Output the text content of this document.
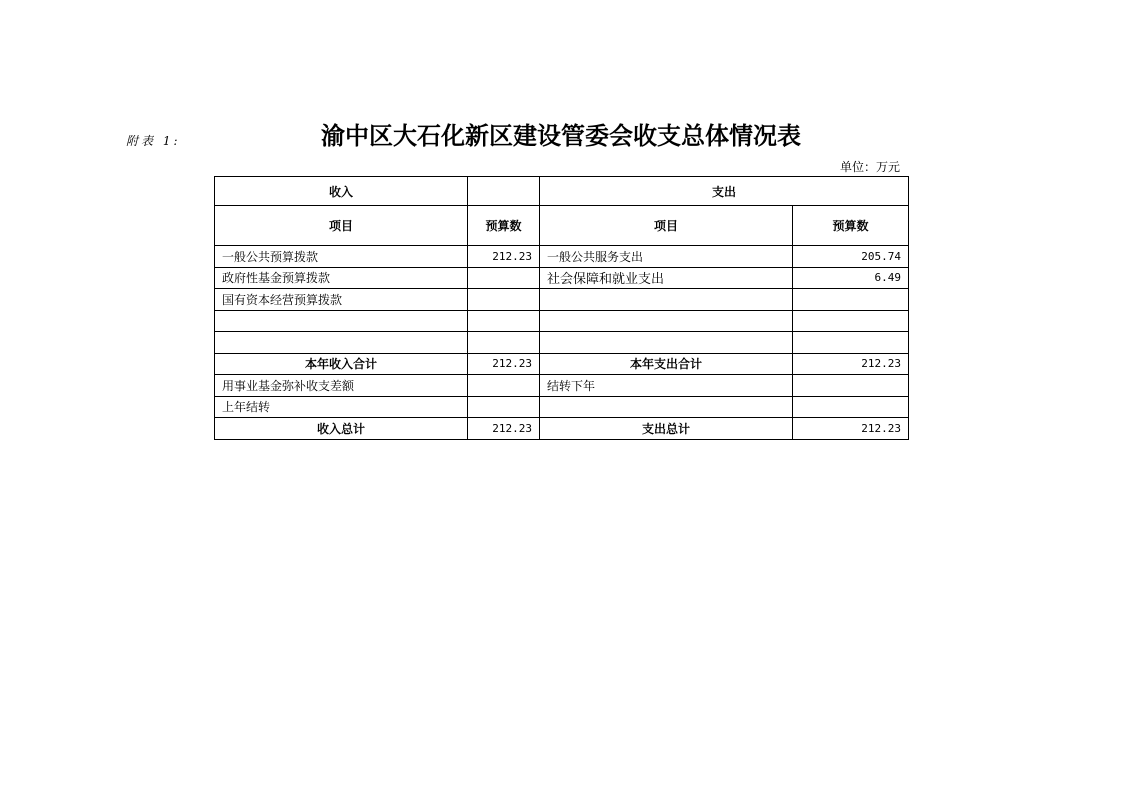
附表 1:	渝中区大石化新区建设管委会收支总体情况表
单位：万元
收入		支出	
项目	预算数	项目	预算数
一般公共预算拨款	212.23	一般公共服务支出	205.74
政府性基金预算拨款		社会保障和就业支出	6.49
国有资本经营预算拨款			

本年收入合计	212.23	本年支出合计	212.23
用事业基金弥补收支差额		结转下年	
上年结转			
收入总计	212.23	支出总计	212.23
